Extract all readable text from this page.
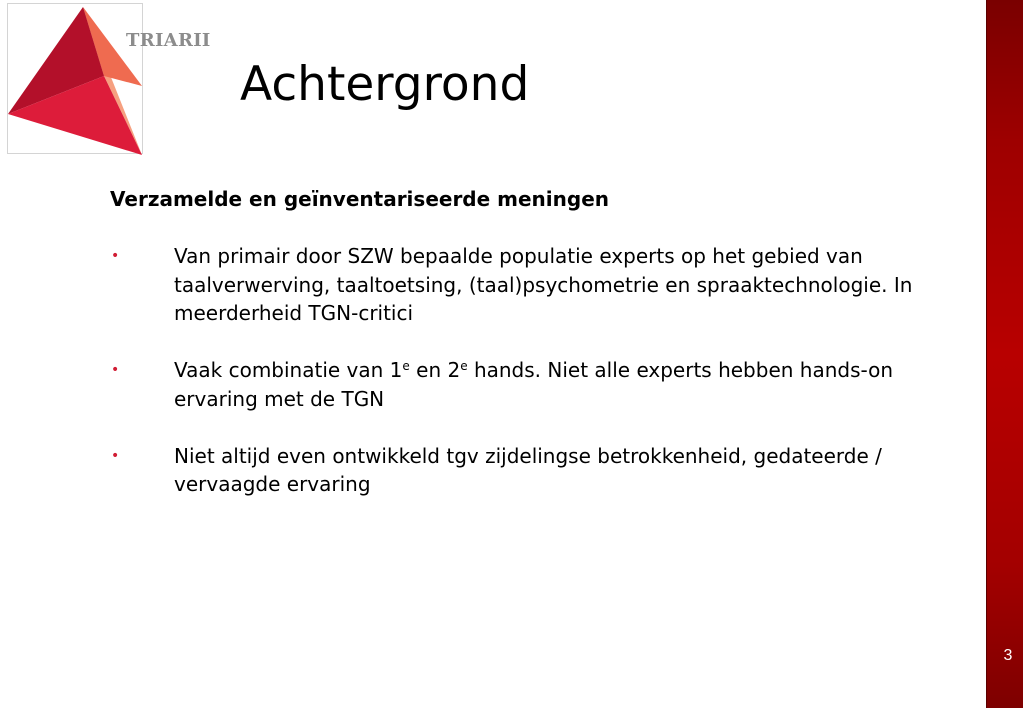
TRIARII
Achtergrond
Verzamelde en geïnventariseerde meningen
•	Van primair door SZW bepaalde populatie experts op het gebied van taalverwerving, taaltoetsing, (taal)psychometrie en spraaktechnologie. In meerderheid TGN-critici
•	Vaak combinatie van 1e en 2e hands. Niet alle experts hebben hands-on ervaring met de TGN
•	Niet altijd even ontwikkeld tgv zijdelingse betrokkenheid, gedateerde / vervaagde ervaring
3
